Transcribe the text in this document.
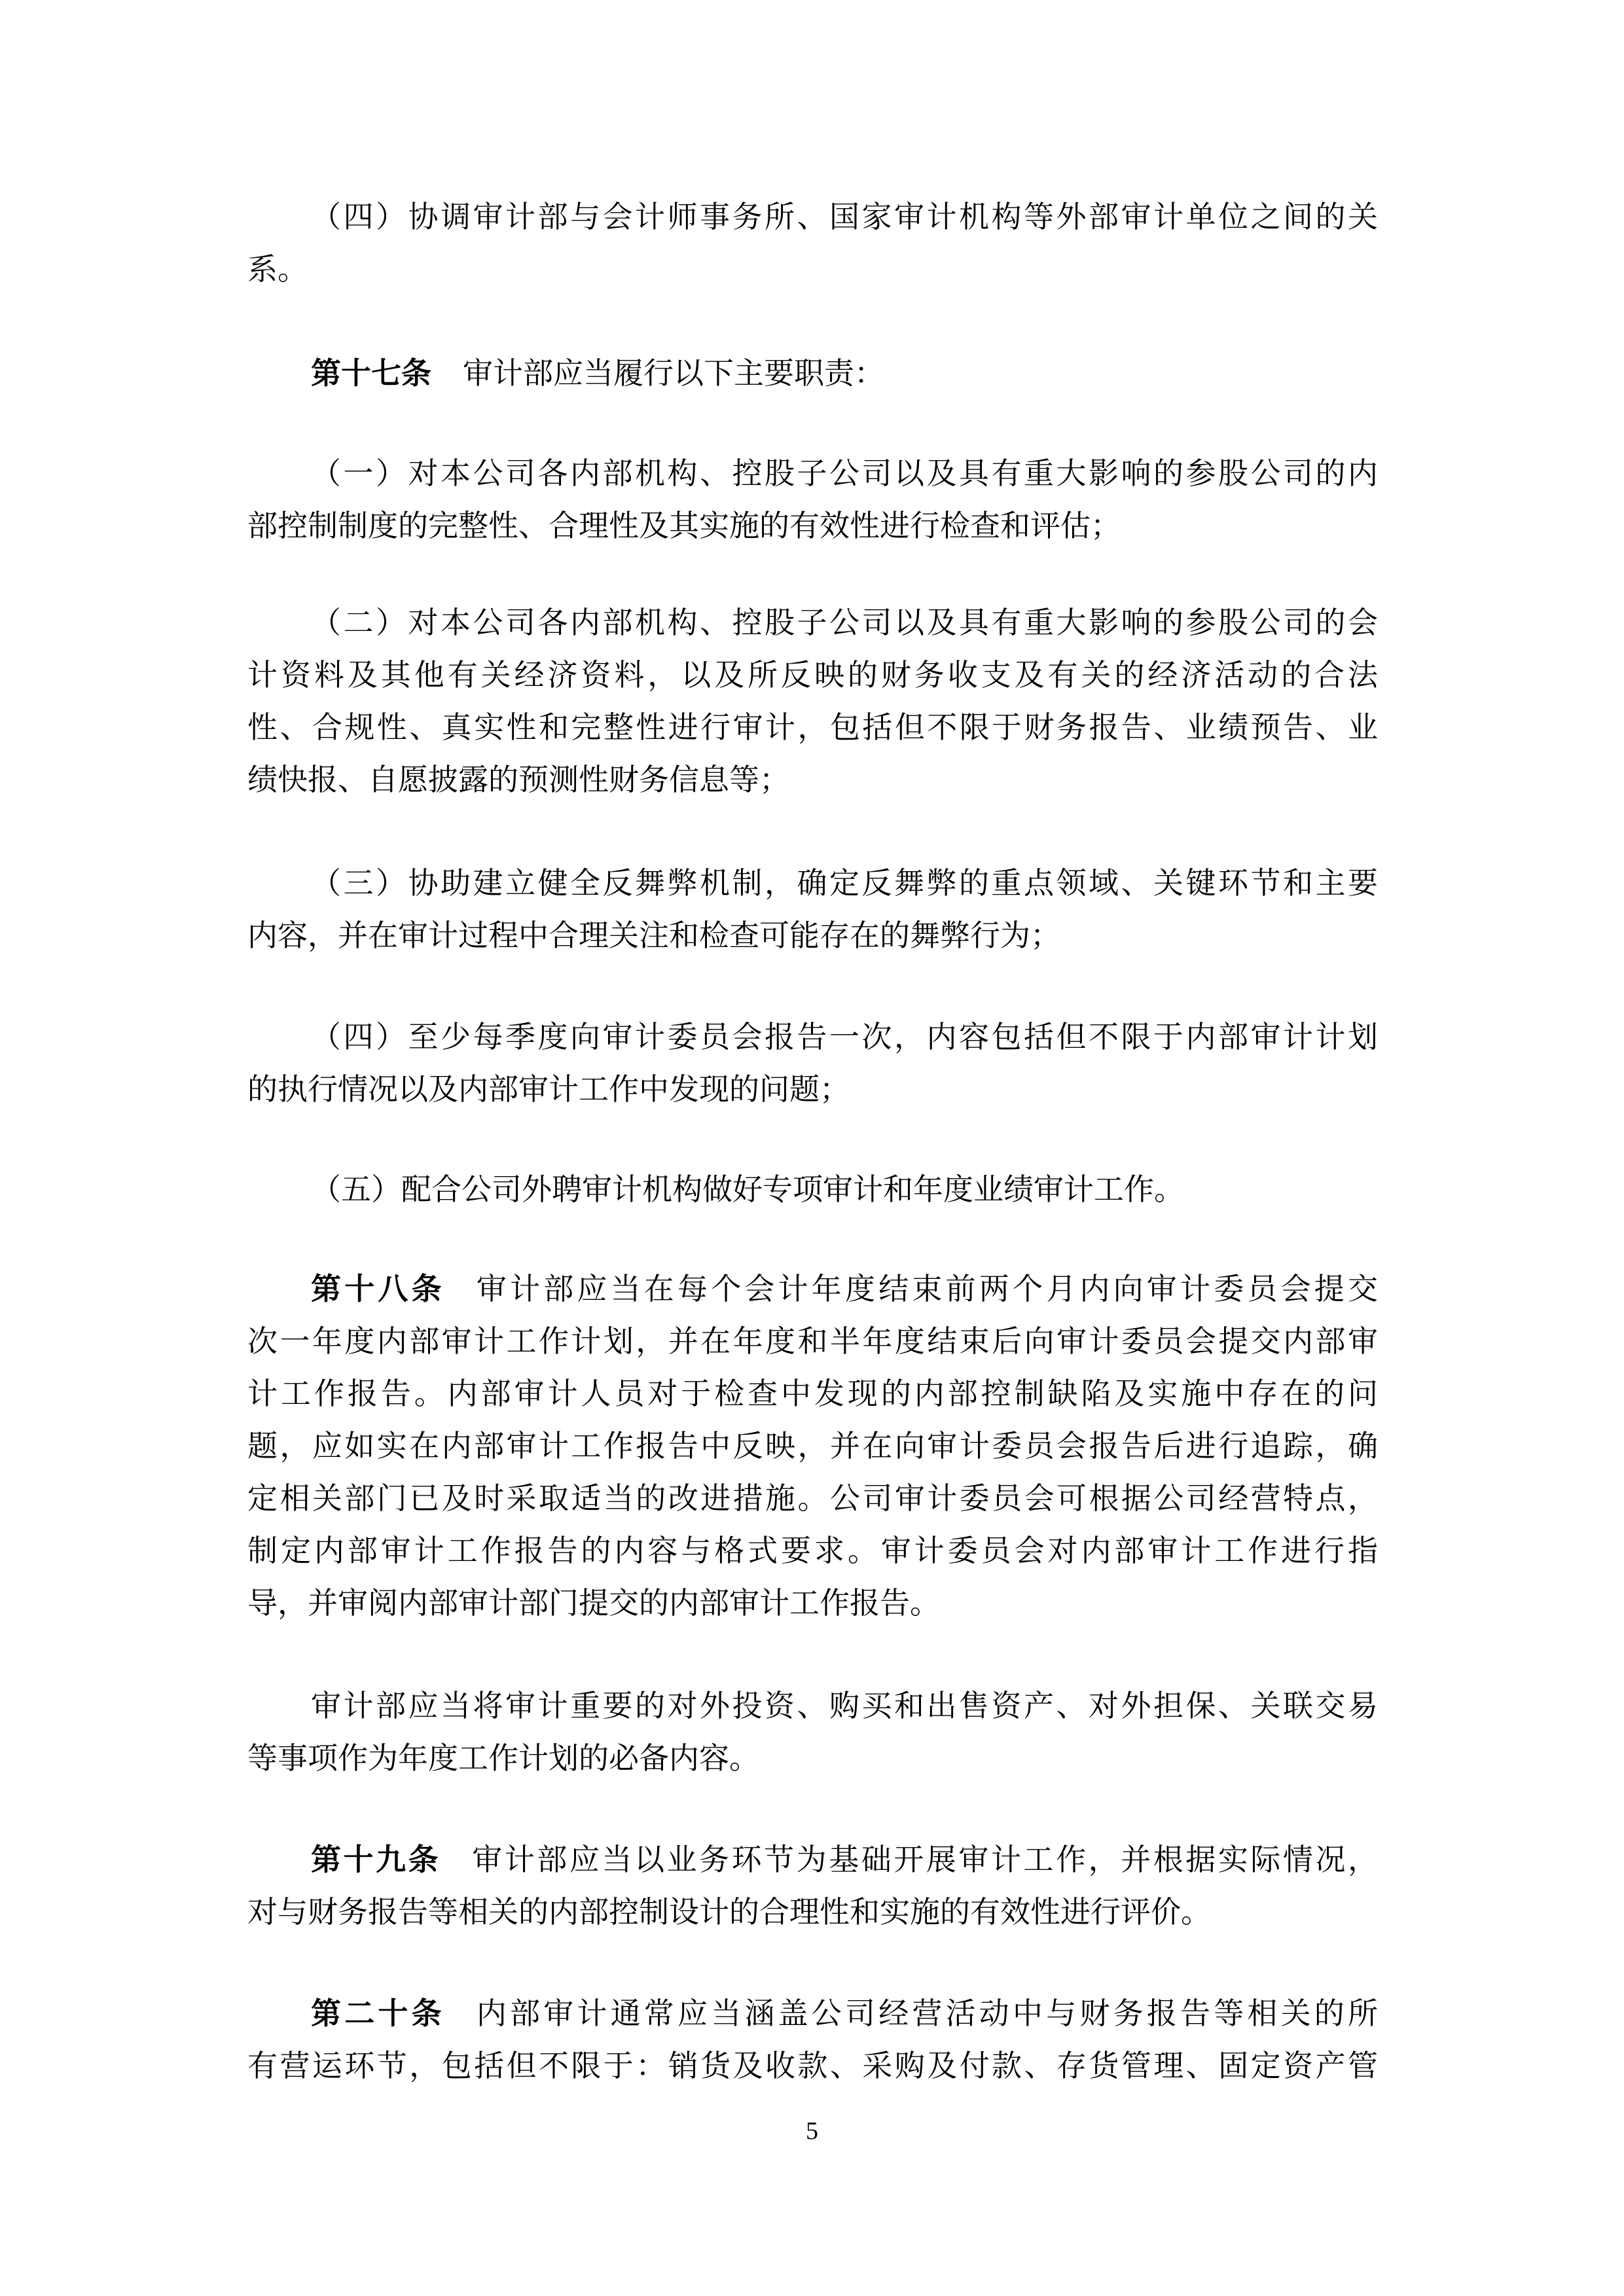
（四）协调审计部与会计师事务所、国家审计机构等外部审计单位之间的关
系。
第十七条 审计部应当履行以下主要职责：
（一）对本公司各内部机构、控股子公司以及具有重大影响的参股公司的内
部控制制度的完整性、合理性及其实施的有效性进行检查和评估；
（二）对本公司各内部机构、控股子公司以及具有重大影响的参股公司的会
计资料及其他有关经济资料，以及所反映的财务收支及有关的经济活动的合法
性、合规性、真实性和完整性进行审计，包括但不限于财务报告、业绩预告、业
绩快报、自愿披露的预测性财务信息等；
（三）协助建立健全反舞弊机制，确定反舞弊的重点领域、关键环节和主要
内容，并在审计过程中合理关注和检查可能存在的舞弊行为；
（四）至少每季度向审计委员会报告一次，内容包括但不限于内部审计计划
的执行情况以及内部审计工作中发现的问题；
（五）配合公司外聘审计机构做好专项审计和年度业绩审计工作。
第十八条 审计部应当在每个会计年度结束前两个月内向审计委员会提交
次一年度内部审计工作计划，并在年度和半年度结束后向审计委员会提交内部审
计工作报告。内部审计人员对于检查中发现的内部控制缺陷及实施中存在的问
题，应如实在内部审计工作报告中反映，并在向审计委员会报告后进行追踪，确
定相关部门已及时采取适当的改进措施。公司审计委员会可根据公司经营特点，
制定内部审计工作报告的内容与格式要求。审计委员会对内部审计工作进行指
导，并审阅内部审计部门提交的内部审计工作报告。
审计部应当将审计重要的对外投资、购买和出售资产、对外担保、关联交易
等事项作为年度工作计划的必备内容。
第十九条 审计部应当以业务环节为基础开展审计工作，并根据实际情况，
对与财务报告等相关的内部控制设计的合理性和实施的有效性进行评价。
第二十条 内部审计通常应当涵盖公司经营活动中与财务报告等相关的所
有营运环节，包括但不限于：销货及收款、采购及付款、存货管理、固定资产管
5
